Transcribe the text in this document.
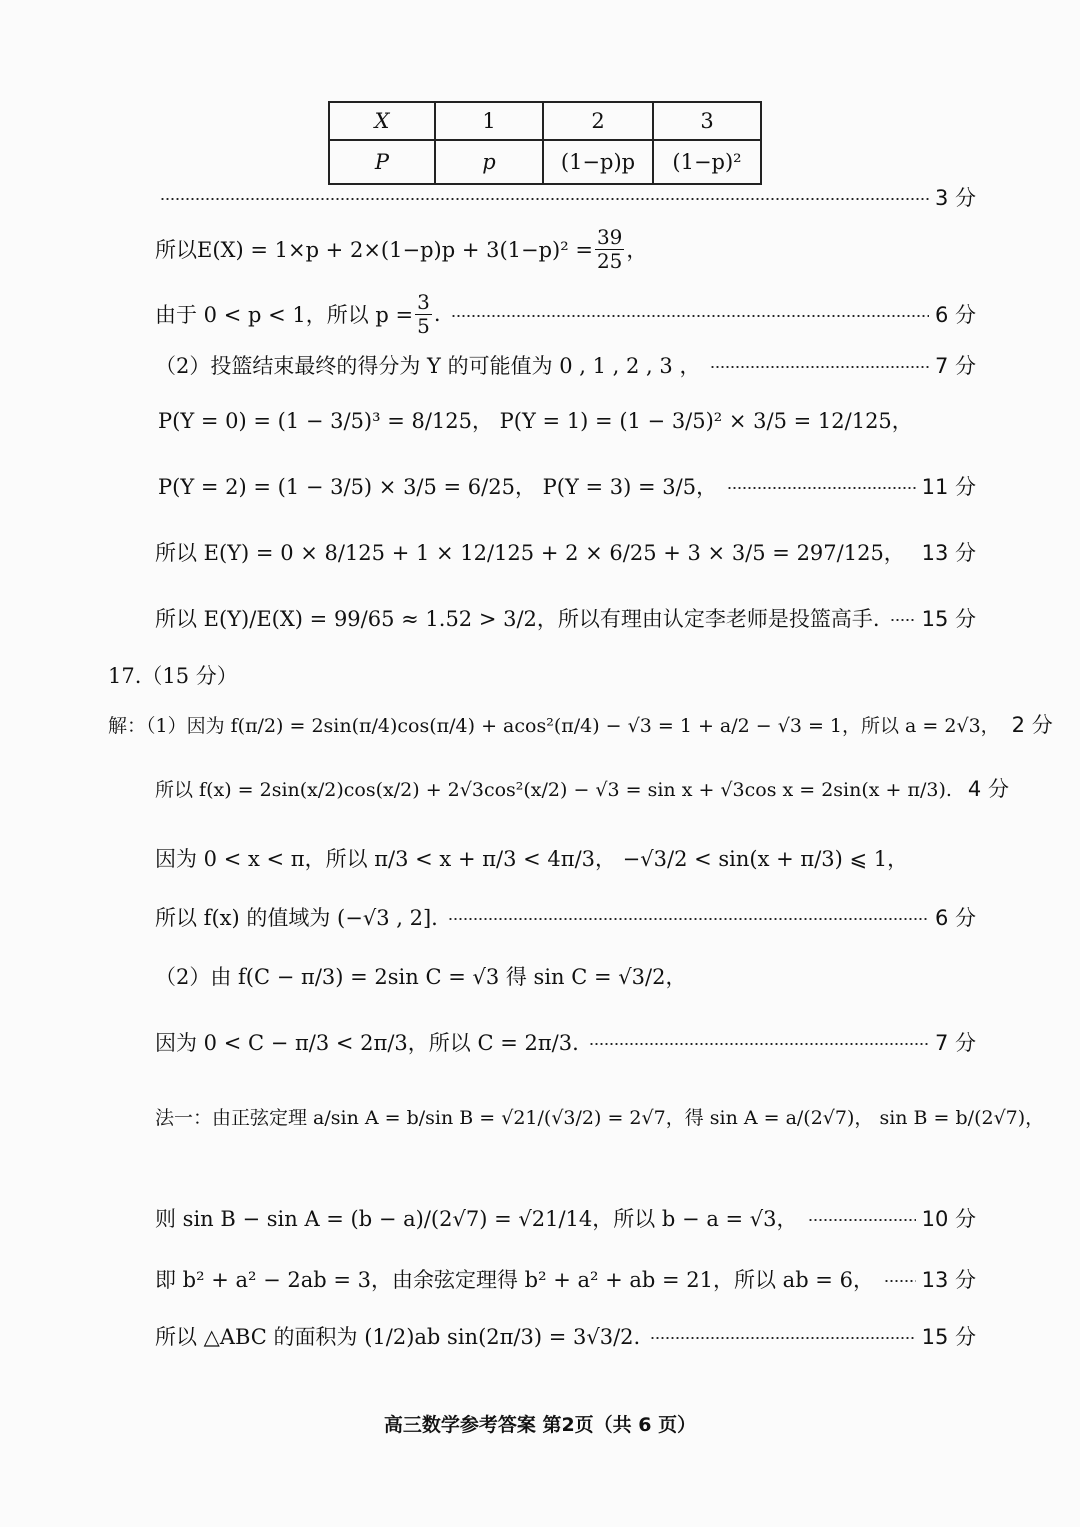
X	1	2	3
P	p	(1−p)p	(1−p)²
3 分
所以$E(X) = 1\times p + 2\times(1-p)p + 3(1-p)^2 = \frac{39}{25}$ ，
由于 0 < p < 1，所以 $p = \frac{3}{5}$ .	6 分
（2）投篮结束最终的得分为 Y 的可能值为 0 , 1 , 2 , 3 ，	7 分
P(Y = 0) = (1 − 3/5)³ = 8/125， P(Y = 1) = (1 − 3/5)² × 3/5 = 12/125，
P(Y = 2) = (1 − 3/5) × 3/5 = 6/25， P(Y = 3) = 3/5，	11 分
所以 E(Y) = 0 × 8/125 + 1 × 12/125 + 2 × 6/25 + 3 × 3/5 = 297/125， 13 分
所以 E(Y)/E(X) = 99/65 ≈ 1.52 > 3/2，所以有理由认定李老师是投篮高手. 15 分
17.（15 分）
解：（1）因为 f(π/2) = 2sin(π/4)cos(π/4) + acos²(π/4) − √3 = 1 + a/2 − √3 = 1，所以 a = 2√3， 2 分
所以 f(x) = 2sin(x/2)cos(x/2) + 2√3cos²(x/2) − √3 = sin x + √3cos x = 2sin(x + π/3). 4 分
因为 0 < x < π，所以 π/3 < x + π/3 < 4π/3， −√3/2 < sin(x + π/3) ⩽ 1，
所以 f(x) 的值域为 (−√3 , 2].	6 分
（2）由 f(C − π/3) = 2sin C = √3 得 sin C = √3/2，
因为 0 < C − π/3 < 2π/3，所以 C = 2π/3.	7 分
法一：由正弦定理 a/sin A = b/sin B = √21/(√3/2) = 2√7，得 sin A = a/(2√7)， sin B = b/(2√7)，
则 sin B − sin A = (b − a)/(2√7) = √21/14，所以 b − a = √3，	10 分
即 b² + a² − 2ab = 3，由余弦定理得 b² + a² + ab = 21，所以 ab = 6， 13 分
所以 △ABC 的面积为 (1/2)ab sin(2π/3) = 3√3/2.	15 分
高三数学参考答案 第2页（共 6 页）
